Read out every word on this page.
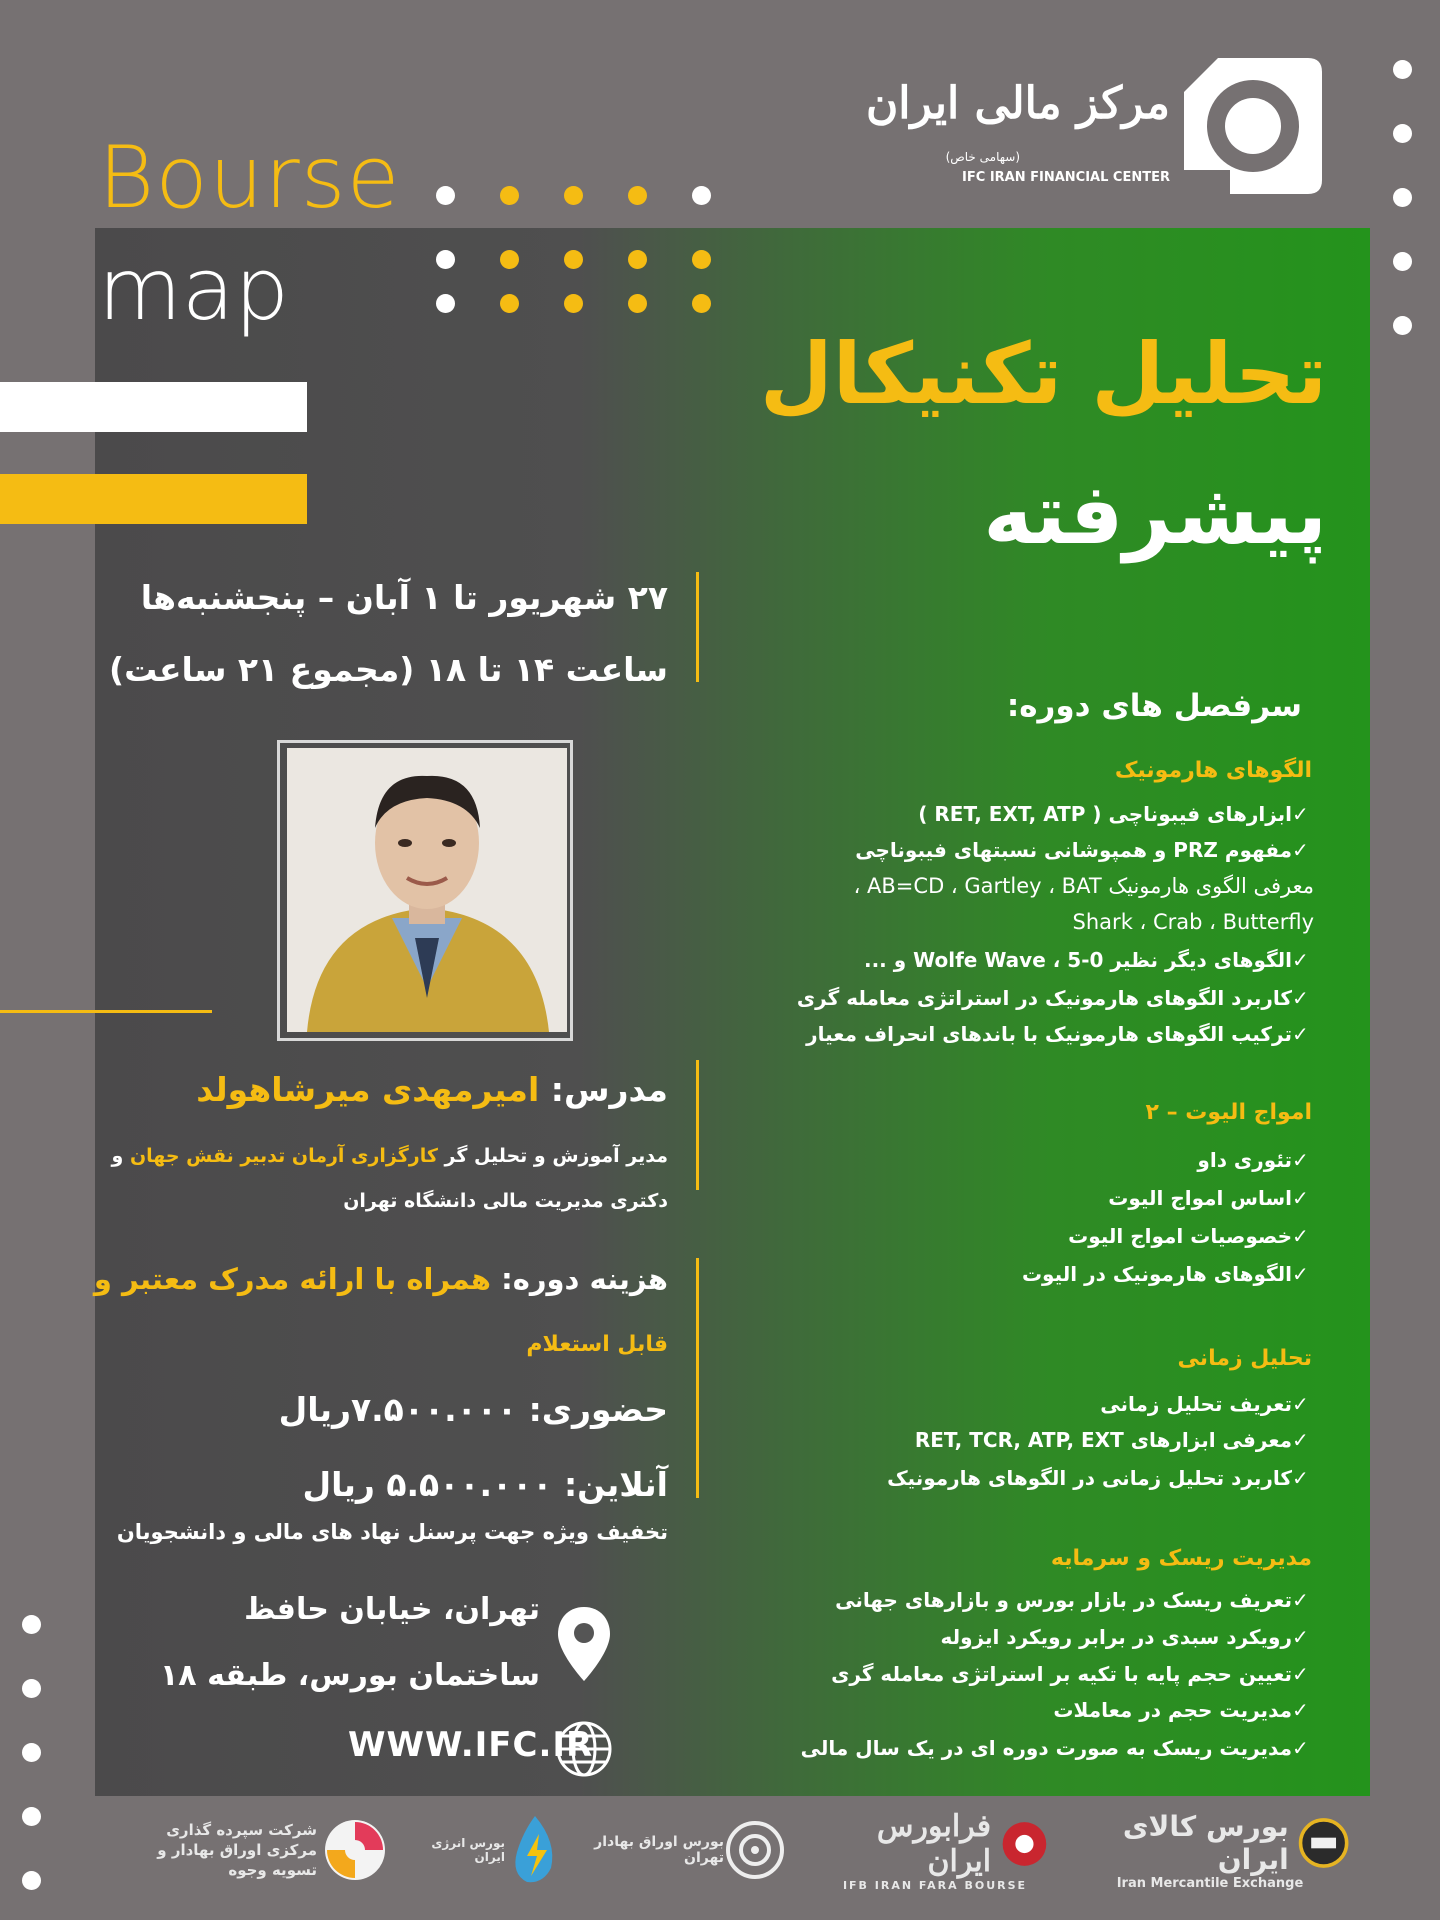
Bourse
map
مرکز مالی ایران
(سهامی خاص)
IFC IRAN FINANCIAL CENTER
تحلیل تکنیکال
پیشرفته
۲۷ شهریور تا ۱ آبان – پنجشنبه‌ها
ساعت ۱۴ تا ۱۸ (مجموع ۲۱ ساعت)
مدرس: امیرمهدی میرشاهولد
مدیر آموزش و تحلیل گر کارگزاری آرمان تدبیر نقش جهان و
دکتری مدیریت مالی دانشگاه تهران
هزینه دوره: همراه با ارائه مدرک معتبر و
قابل استعلام
حضوری: ۷.۵۰۰.۰۰۰ریال
آنلاین: ۵.۵۰۰.۰۰۰ ریال
تخفیف ویژه جهت پرسنل نهاد های مالی و دانشجویان
تهران، خیابان حافظ
ساختمان بورس، طبقه ۱۸
WWW.IFC.IR
سرفصل های دوره:
الگوهای هارمونیک
✓ابزارهای فیبوناچی ( RET, EXT, ATP )
✓مفهوم PRZ و همپوشانی نسبتهای فیبوناچی
معرفی الگوی هارمونیک AB=CD ، Gartley ، BAT ،
Shark ، Crab ، Butterfly
✓الگوهای دیگر نظیر Wolfe Wave ، 5-0 و ...
✓کاربرد الگوهای هارمونیک در استراتژی معامله گری
✓ترکیب الگوهای هارمونیک با باندهای انحراف معیار
امواج الیوت – ۲
✓تئوری داو
✓اساس امواج الیوت
✓خصوصیات امواج الیوت
✓الگوهای هارمونیک در الیوت
تحلیل زمانی
✓تعریف تحلیل زمانی
✓معرفی ابزارهای RET, TCR, ATP, EXT
✓کاربرد تحلیل زمانی در الگوهای هارمونیک
مدیریت ریسک و سرمایه
✓تعریف ریسک در بازار بورس و بازارهای جهانی
✓رویکرد سبدی در برابر رویکرد ایزوله
✓تعیین حجم پایه با تکیه بر استراتژی معامله گری
✓مدیریت حجم در معاملات
✓مدیریت ریسک به صورت دوره ای در یک سال مالی
شرکت سپرده گذاری مرکزی اوراق بهادار و تسویه وجوه
بورس انرژی ایران
بورس اوراق بهادار تهران
فرابورس ایران
IFB IRAN FARA BOURSE
بورس کالای ایران
Iran Mercantile Exchange
